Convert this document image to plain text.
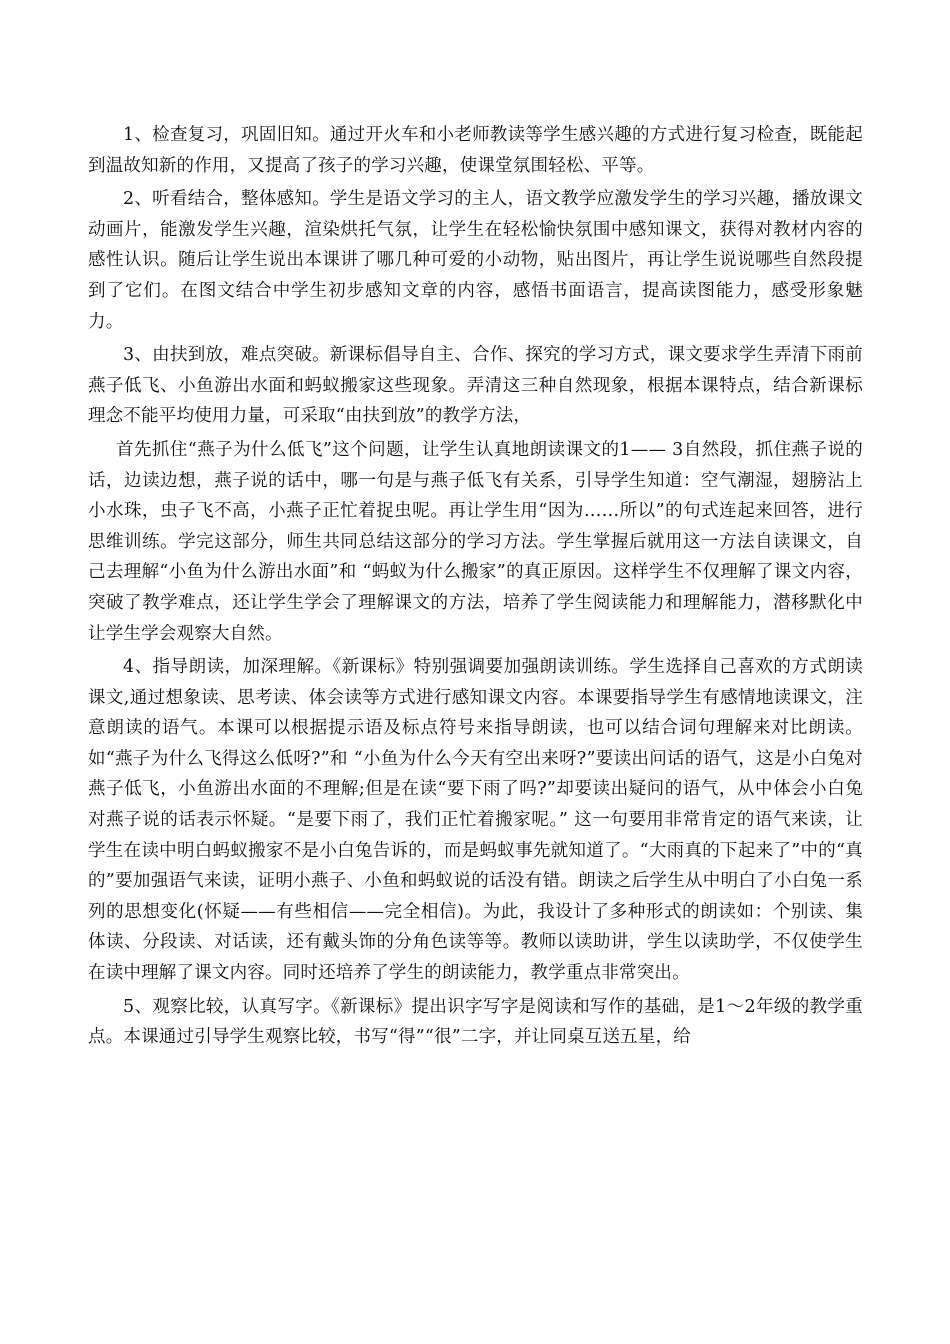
1、检查复习，巩固旧知。通过开火车和小老师教读等学生感兴趣的方式进行复习检查，既能起到温故知新的作用，又提高了孩子的学习兴趣，使课堂氛围轻松、平等。

2、听看结合，整体感知。学生是语文学习的主人，语文教学应激发学生的学习兴趣，播放课文动画片，能激发学生兴趣，渲染烘托气氛，让学生在轻松愉快氛围中感知课文，获得对教材内容的感性认识。随后让学生说出本课讲了哪几种可爱的小动物，贴出图片，再让学生说说哪些自然段提到了它们。在图文结合中学生初步感知文章的内容，感悟书面语言，提高读图能力，感受形象魅力。

3、由扶到放，难点突破。新课标倡导自主、合作、探究的学习方式，课文要求学生弄清下雨前燕子低飞、小鱼游出水面和蚂蚁搬家这些现象。弄清这三种自然现象，根据本课特点，结合新课标理念不能平均使用力量，可采取“由扶到放”的教学方法，

首先抓住“燕子为什么低飞”这个问题，让学生认真地朗读课文的1—— 3自然段，抓住燕子说的话，边读边想，燕子说的话中，哪一句是与燕子低飞有关系，引导学生知道：空气潮湿，翅膀沾上小水珠，虫子飞不高，小燕子正忙着捉虫呢。再让学生用“因为……所以”的句式连起来回答，进行思维训练。学完这部分，师生共同总结这部分的学习方法。学生掌握后就用这一方法自读课文，自己去理解“小鱼为什么游出水面”和 “蚂蚁为什么搬家”的真正原因。这样学生不仅理解了课文内容，突破了教学难点，还让学生学会了理解课文的方法，培养了学生阅读能力和理解能力，潜移默化中让学生学会观察大自然。

4、指导朗读，加深理解。《新课标》特别强调要加强朗读训练。学生选择自己喜欢的方式朗读课文,通过想象读、思考读、体会读等方式进行感知课文内容。本课要指导学生有感情地读课文，注意朗读的语气。本课可以根据提示语及标点符号来指导朗读，也可以结合词句理解来对比朗读。如“燕子为什么飞得这么低呀?”和 “小鱼为什么今天有空出来呀?”要读出问话的语气，这是小白兔对燕子低飞，小鱼游出水面的不理解;但是在读“要下雨了吗?”却要读出疑问的语气，从中体会小白兔对燕子说的话表示怀疑。“是要下雨了，我们正忙着搬家呢。” 这一句要用非常肯定的语气来读，让学生在读中明白蚂蚁搬家不是小白兔告诉的，而是蚂蚁事先就知道了。“大雨真的下起来了”中的“真的”要加强语气来读，证明小燕子、小鱼和蚂蚁说的话没有错。朗读之后学生从中明白了小白兔一系列的思想变化(怀疑——有些相信——完全相信)。为此，我设计了多种形式的朗读如：个别读、集体读、分段读、对话读，还有戴头饰的分角色读等等。教师以读助讲，学生以读助学，不仅使学生在读中理解了课文内容。同时还培养了学生的朗读能力，教学重点非常突出。

5、观察比较，认真写字。《新课标》提出识字写字是阅读和写作的基础，是1～2年级的教学重点。本课通过引导学生观察比较，书写“得”“很”二字，并让同桌互送五星，给
